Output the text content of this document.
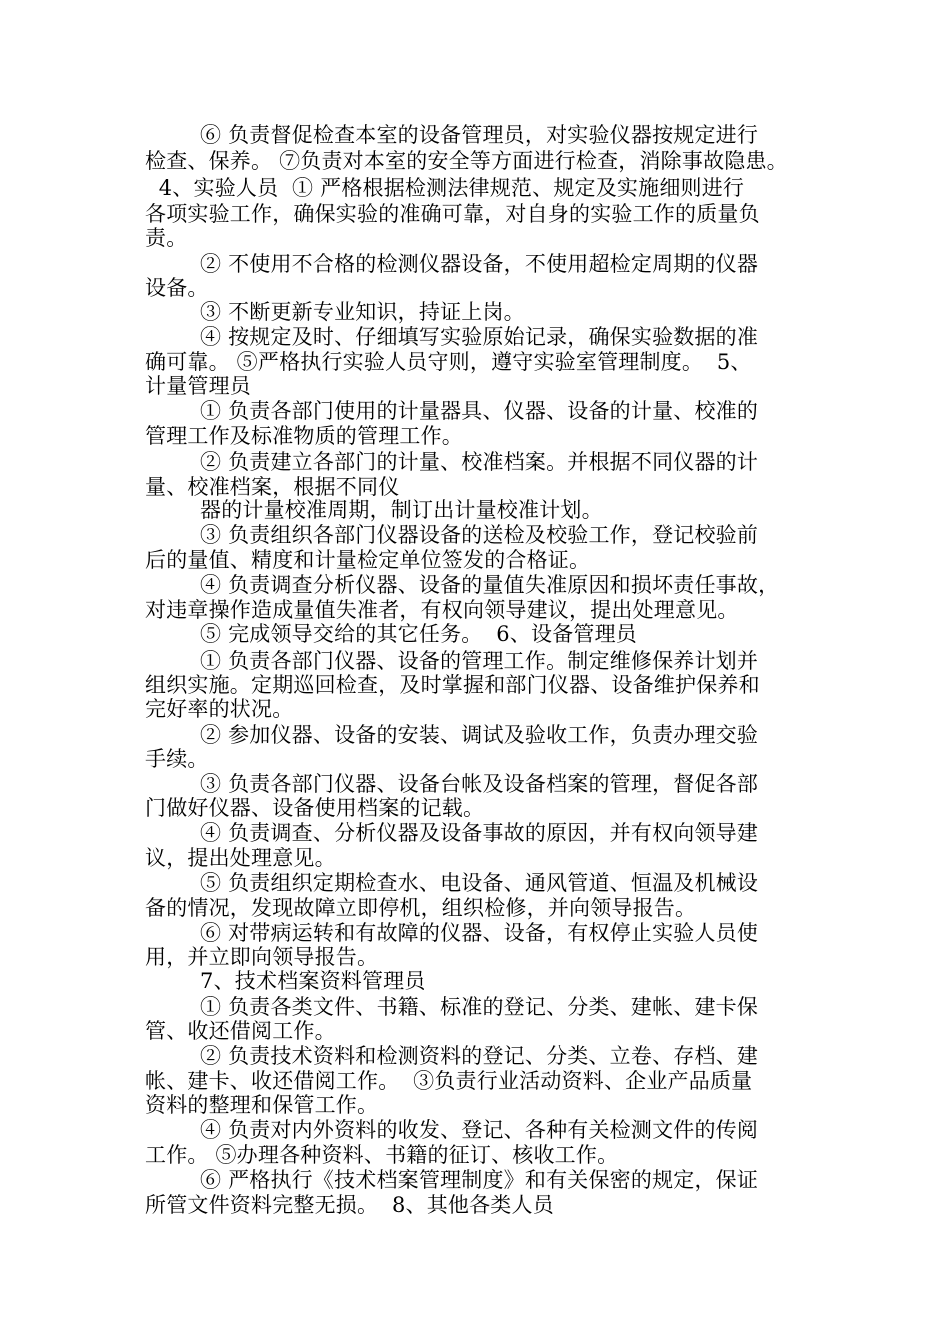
⑥ 负责督促检查本室的设备管理员，对实验仪器按规定进行
检查、保养。 ⑦负责对本室的安全等方面进行检查，消除事故隐患。
4、实验人员  ① 严格根据检测法律规范、规定及实施细则进行
各项实验工作，确保实验的准确可靠，对自身的实验工作的质量负
责。
② 不使用不合格的检测仪器设备，不使用超检定周期的仪器
设备。
③ 不断更新专业知识，持证上岗。
④ 按规定及时、仔细填写实验原始记录，确保实验数据的准
确可靠。 ⑤严格执行实验人员守则，遵守实验室管理制度。  5、
计量管理员
① 负责各部门使用的计量器具、仪器、设备的计量、校准的
管理工作及标准物质的管理工作。
② 负责建立各部门的计量、校准档案。并根据不同仪器的计
量、校准档案，根据不同仪
器的计量校准周期，制订出计量校准计划。
③ 负责组织各部门仪器设备的送检及校验工作，登记校验前
后的量值、精度和计量检定单位签发的合格证。
④ 负责调查分析仪器、设备的量值失准原因和损坏责任事故，
对违章操作造成量值失准者，有权向领导建议，提出处理意见。
⑤ 完成领导交给的其它任务。  6、设备管理员
① 负责各部门仪器、设备的管理工作。制定维修保养计划并
组织实施。定期巡回检查，及时掌握和部门仪器、设备维护保养和
完好率的状况。
② 参加仪器、设备的安装、调试及验收工作，负责办理交验
手续。
③ 负责各部门仪器、设备台帐及设备档案的管理，督促各部
门做好仪器、设备使用档案的记载。
④ 负责调查、分析仪器及设备事故的原因，并有权向领导建
议，提出处理意见。
⑤ 负责组织定期检查水、电设备、通风管道、恒温及机械设
备的情况，发现故障立即停机，组织检修，并向领导报告。
⑥ 对带病运转和有故障的仪器、设备，有权停止实验人员使
用，并立即向领导报告。
7、技术档案资料管理员
① 负责各类文件、书籍、标准的登记、分类、建帐、建卡保
管、收还借阅工作。
② 负责技术资料和检测资料的登记、分类、立卷、存档、建
帐、建卡、收还借阅工作。  ③负责行业活动资料、企业产品质量
资料的整理和保管工作。
④ 负责对内外资料的收发、登记、各种有关检测文件的传阅
工作。 ⑤办理各种资料、书籍的征订、核收工作。
⑥ 严格执行《技术档案管理制度》和有关保密的规定，保证
所管文件资料完整无损。  8、其他各类人员
